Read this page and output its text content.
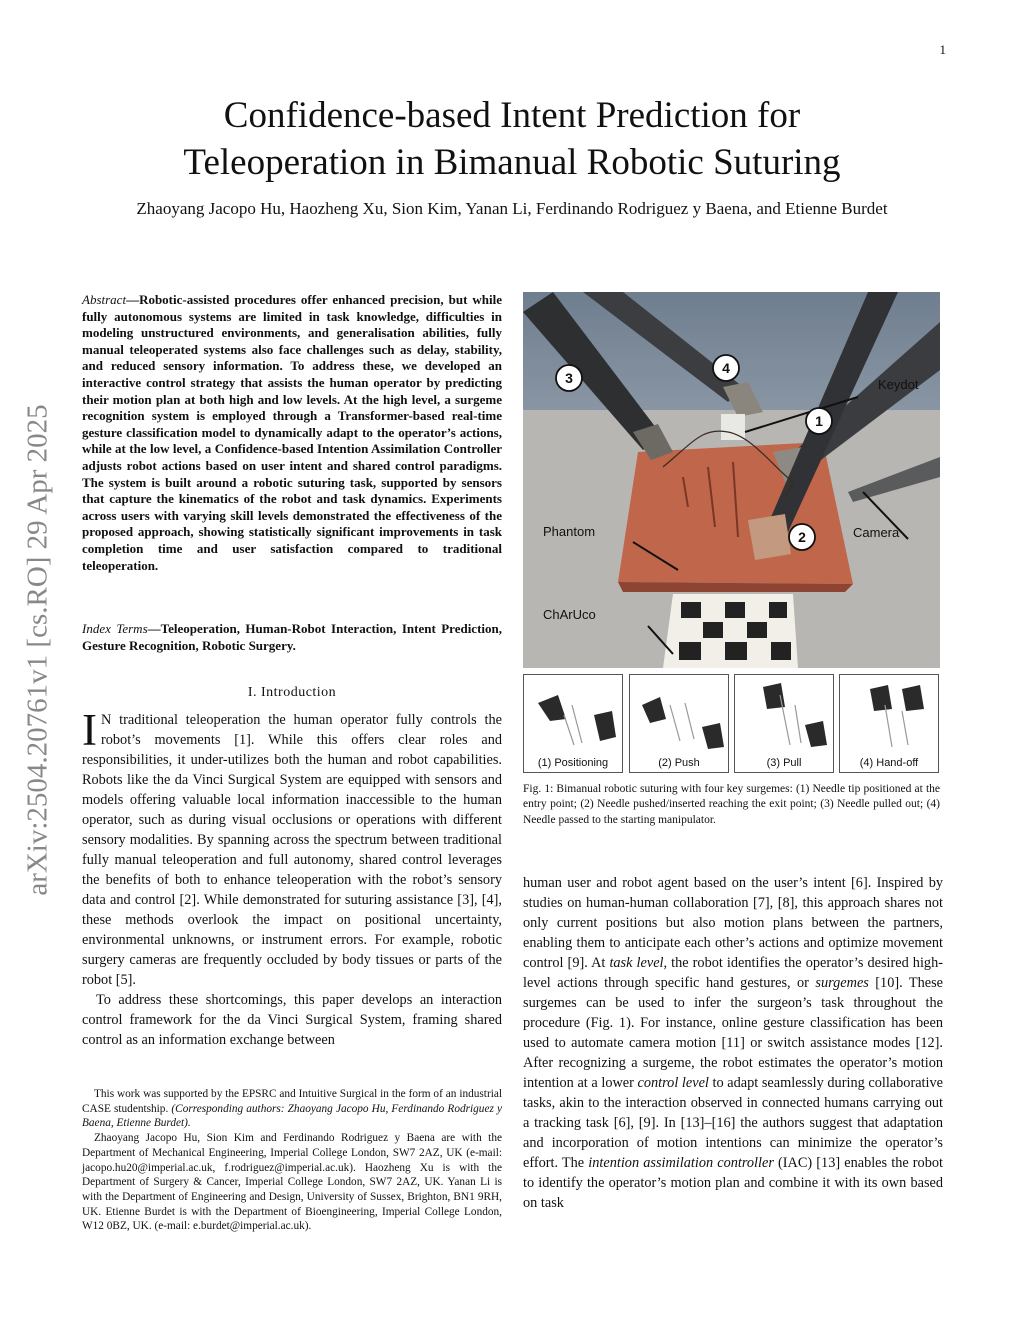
1
Confidence-based Intent Prediction for
Teleoperation in Bimanual Robotic Suturing
Zhaoyang Jacopo Hu, Haozheng Xu, Sion Kim, Yanan Li, Ferdinando Rodriguez y Baena, and Etienne Burdet
arXiv:2504.20761v1 [cs.RO] 29 Apr 2025
Abstract—Robotic-assisted procedures offer enhanced precision, but while fully autonomous systems are limited in task knowledge, difficulties in modeling unstructured environments, and generalisation abilities, fully manual teleoperated systems also face challenges such as delay, stability, and reduced sensory information. To address these, we developed an interactive control strategy that assists the human operator by predicting their motion plan at both high and low levels. At the high level, a surgeme recognition system is employed through a Transformer-based real-time gesture classification model to dynamically adapt to the operator’s actions, while at the low level, a Confidence-based Intention Assimilation Controller adjusts robot actions based on user intent and shared control paradigms. The system is built around a robotic suturing task, supported by sensors that capture the kinematics of the robot and task dynamics. Experiments across users with varying skill levels demonstrated the effectiveness of the proposed approach, showing statistically significant improvements in task completion time and user satisfaction compared to traditional teleoperation.
Index Terms—Teleoperation, Human-Robot Interaction, Intent Prediction, Gesture Recognition, Robotic Surgery.
I. Introduction

I N traditional teleoperation the human operator fully controls the robot’s movements [1]. While this offers clear roles and responsibilities, it under-utilizes both the human and robot capabilities. Robots like the da Vinci Surgical System are equipped with sensors and models offering valuable local information inaccessible to the human operator, such as during visual occlusions or operations with different sensory modalities. By spanning across the spectrum between traditional fully manual teleoperation and full autonomy, shared control leverages the benefits of both to enhance teleoperation with the robot’s sensory data and control [2]. While demonstrated for suturing assistance [3], [4], these methods overlook the impact on positional uncertainty, environmental unknowns, or instrument errors. For example, robotic surgery cameras are frequently occluded by body tissues or parts of the robot [5].

To address these shortcomings, this paper develops an interaction control framework for the da Vinci Surgical System, framing shared control as an information exchange between

This work was supported by the EPSRC and Intuitive Surgical in the form of an industrial CASE studentship. (Corresponding authors: Zhaoyang Jacopo Hu, Ferdinando Rodriguez y Baena, Etienne Burdet).

Zhaoyang Jacopo Hu, Sion Kim and Ferdinando Rodriguez y Baena are with the Department of Mechanical Engineering, Imperial College London, SW7 2AZ, UK (e-mail: jacopo.hu20@imperial.ac.uk, f.rodriguez@imperial.ac.uk). Haozheng Xu is with the Department of Surgery & Cancer, Imperial College London, SW7 2AZ, UK. Yanan Li is with the Department of Engineering and Design, University of Sussex, Brighton, BN1 9RH, UK. Etienne Burdet is with the Department of Bioengineering, Imperial College London, W12 0BZ, UK. (e-mail: e.burdet@imperial.ac.uk).

Keydot
Phantom	Camera
ChArUco
3
4
1
2
(1) Positioning	(2) Push	(3) Pull	(4) Hand-off
Fig. 1: Bimanual robotic suturing with four key surgemes: (1) Needle tip positioned at the entry point; (2) Needle pushed/inserted reaching the exit point; (3) Needle pulled out; (4) Needle passed to the starting manipulator.

human user and robot agent based on the user’s intent [6]. Inspired by studies on human-human collaboration [7], [8], this approach shares not only current positions but also motion plans between the partners, enabling them to anticipate each other’s actions and optimize movement control [9]. At task level, the robot identifies the operator’s desired high-level actions through specific hand gestures, or surgemes [10]. These surgemes can be used to infer the surgeon’s task throughout the procedure (Fig. 1). For instance, online gesture classification has been used to automate camera motion [11] or switch assistance modes [12]. After recognizing a surgeme, the robot estimates the operator’s motion intention at a lower control level to adapt seamlessly during collaborative tasks, akin to the interaction observed in connected humans carrying out a tracking task [6], [9]. In [13]–[16] the authors suggest that adaptation and incorporation of motion intentions can minimize the operator’s effort. The intention assimilation controller (IAC) [13] enables the robot to identify the operator’s motion plan and combine it with its own based on task
